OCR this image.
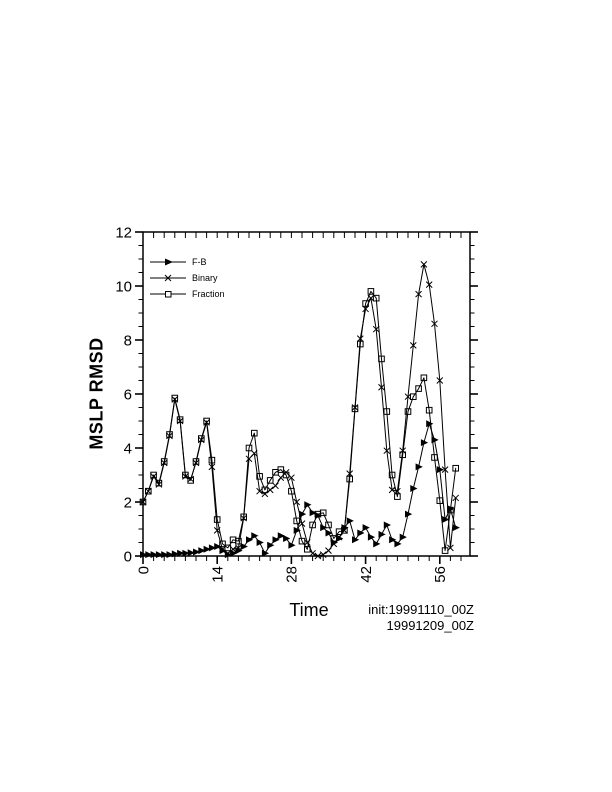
0	14	28	42	56
0
2
4
6
8
10
12
MSLP RMSD
Time	init:19991110_00Z
19991209_00Z
F-B
Binary
Fraction
